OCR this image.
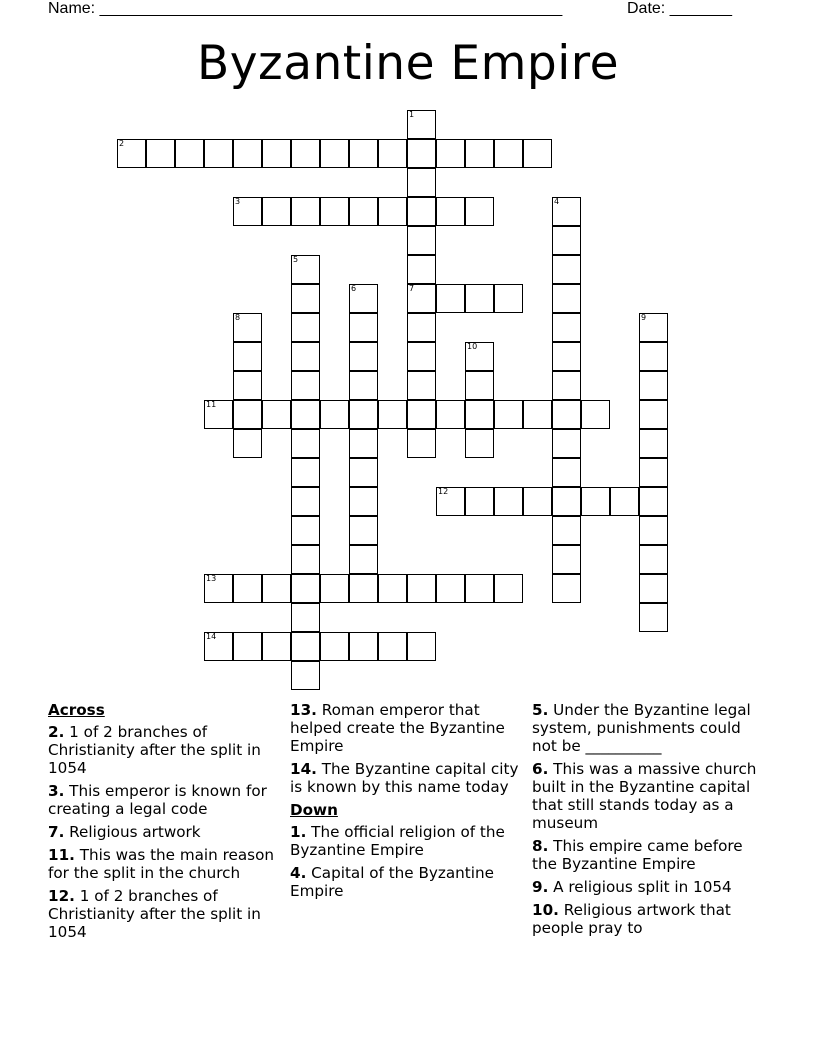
Name: ____________________________________________________	Date: _______
Byzantine Empire
1
7
2
3	4
5
6
8	9
10
11
12
13
14
Across
2. 1 of 2 branches of Christianity after the split in 1054
3. This emperor is known for creating a legal code
7. Religious artwork
11. This was the main reason for the split in the church
12. 1 of 2 branches of Christianity after the split in 1054
13. Roman emperor that helped create the Byzantine Empire
14. The Byzantine capital city is known by this name today
Down
1. The official religion of the Byzantine Empire
4. Capital of the Byzantine Empire
5. Under the Byzantine legal system, punishments could not be __________
6. This was a massive church built in the Byzantine capital that still stands today as a museum
8. This empire came before the Byzantine Empire
9. A religious split in 1054
10. Religious artwork that people pray to
